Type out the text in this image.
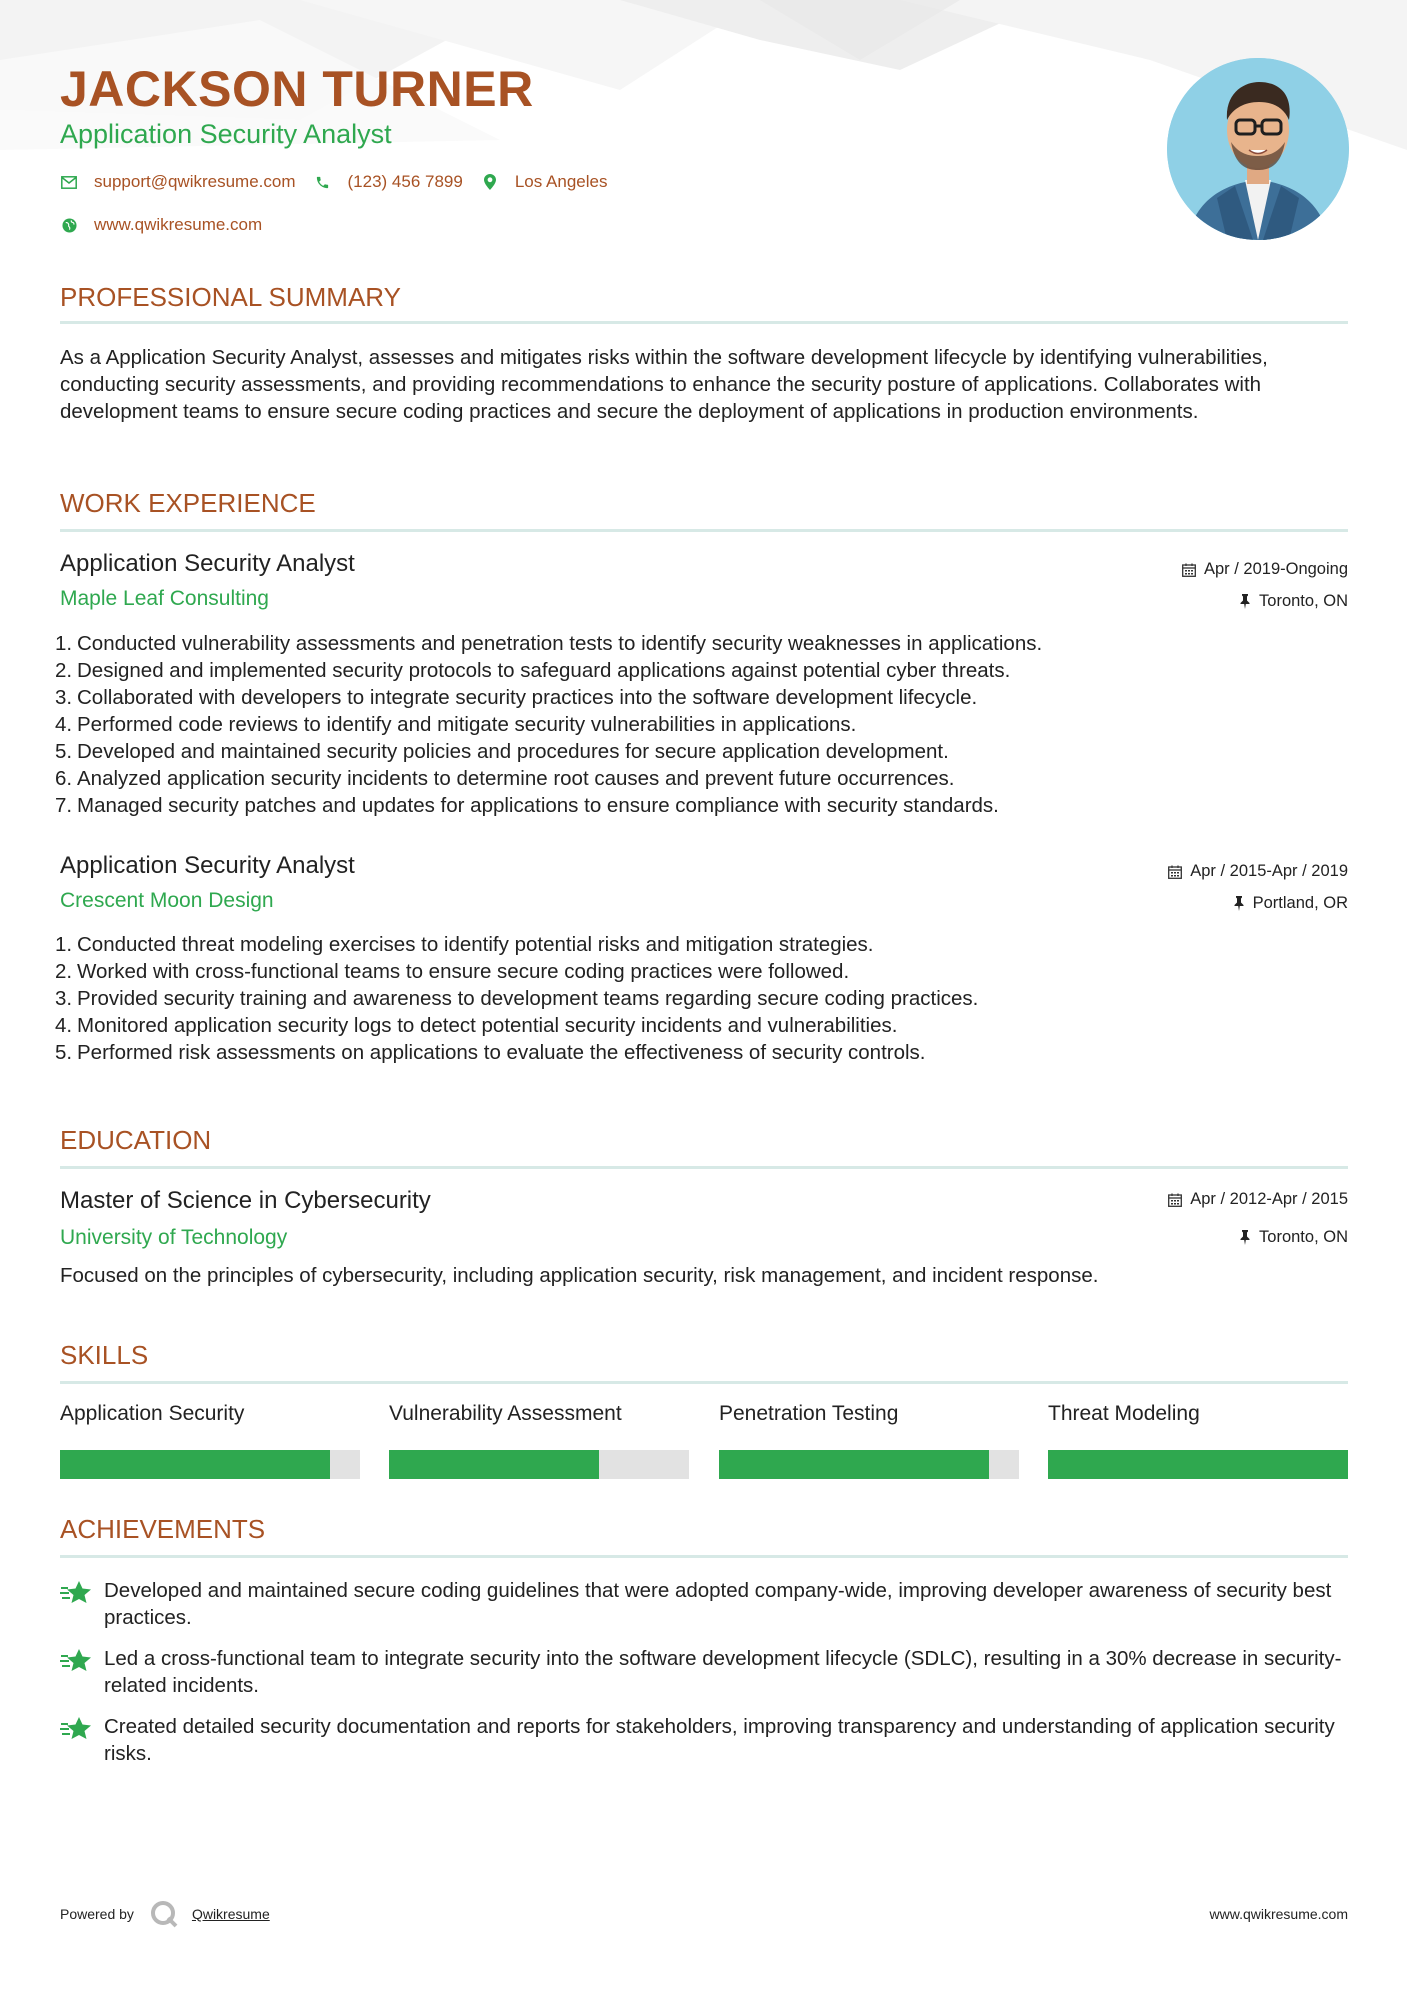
JACKSON TURNER
Application Security Analyst
support@qwikresume.com	(123) 456 7899	Los Angeles
www.qwikresume.com
PROFESSIONAL SUMMARY
As a Application Security Analyst, assesses and mitigates risks within the software development lifecycle by identifying vulnerabilities, conducting security assessments, and providing recommendations to enhance the security posture of applications. Collaborates with development teams to ensure secure coding practices and secure the deployment of applications in production environments.
WORK EXPERIENCE
Application Security Analyst	Apr / 2019-Ongoing
Maple Leaf Consulting	Toronto, ON
1. Conducted vulnerability assessments and penetration tests to identify security weaknesses in applications.
2. Designed and implemented security protocols to safeguard applications against potential cyber threats.
3. Collaborated with developers to integrate security practices into the software development lifecycle.
4. Performed code reviews to identify and mitigate security vulnerabilities in applications.
5. Developed and maintained security policies and procedures for secure application development.
6. Analyzed application security incidents to determine root causes and prevent future occurrences.
7. Managed security patches and updates for applications to ensure compliance with security standards.
Application Security Analyst	Apr / 2015-Apr / 2019
Crescent Moon Design	Portland, OR
1. Conducted threat modeling exercises to identify potential risks and mitigation strategies.
2. Worked with cross-functional teams to ensure secure coding practices were followed.
3. Provided security training and awareness to development teams regarding secure coding practices.
4. Monitored application security logs to detect potential security incidents and vulnerabilities.
5. Performed risk assessments on applications to evaluate the effectiveness of security controls.
EDUCATION
Master of Science in Cybersecurity	Apr / 2012-Apr / 2015
University of Technology	Toronto, ON
Focused on the principles of cybersecurity, including application security, risk management, and incident response.
SKILLS
Application Security	Vulnerability Assessment	Penetration Testing	Threat Modeling
ACHIEVEMENTS
Developed and maintained secure coding guidelines that were adopted company-wide, improving developer awareness of security best practices.
Led a cross-functional team to integrate security into the software development lifecycle (SDLC), resulting in a 30% decrease in security-related incidents.
Created detailed security documentation and reports for stakeholders, improving transparency and understanding of application security risks.
Powered by	Qwikresume	www.qwikresume.com
